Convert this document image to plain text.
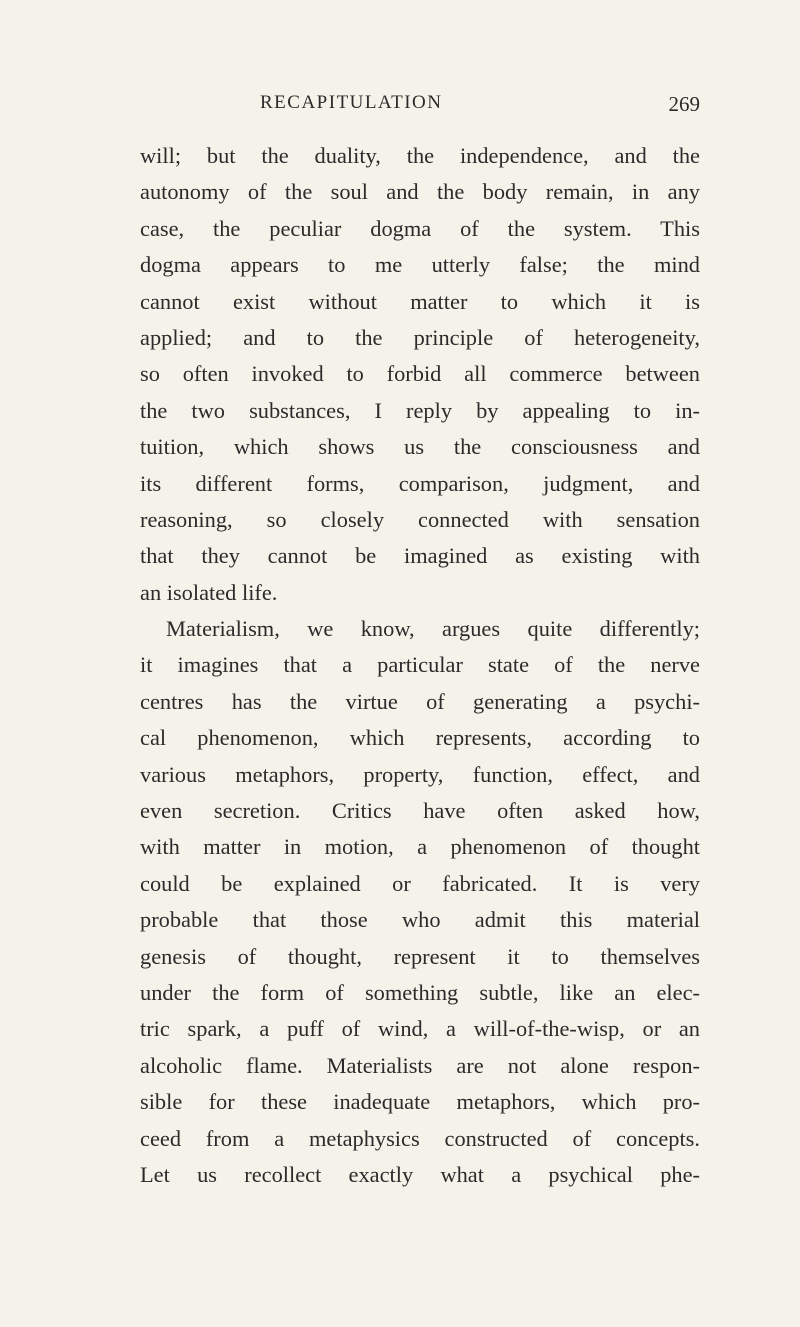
RECAPITULATION	269
will; but the duality, the independence, and the
autonomy of the soul and the body remain, in any
case, the peculiar dogma of the system. This
dogma appears to me utterly false; the mind
cannot exist without matter to which it is
applied; and to the principle of heterogeneity,
so often invoked to forbid all commerce between
the two substances, I reply by appealing to in-
tuition, which shows us the consciousness and
its different forms, comparison, judgment, and
reasoning, so closely connected with sensation
that they cannot be imagined as existing with
an isolated life.
Materialism, we know, argues quite differently;
it imagines that a particular state of the nerve
centres has the virtue of generating a psychi-
cal phenomenon, which represents, according to
various metaphors, property, function, effect, and
even secretion. Critics have often asked how,
with matter in motion, a phenomenon of thought
could be explained or fabricated. It is very
probable that those who admit this material
genesis of thought, represent it to themselves
under the form of something subtle, like an elec-
tric spark, a puff of wind, a will-of-the-wisp, or an
alcoholic flame. Materialists are not alone respon-
sible for these inadequate metaphors, which pro-
ceed from a metaphysics constructed of concepts.
Let us recollect exactly what a psychical phe-
